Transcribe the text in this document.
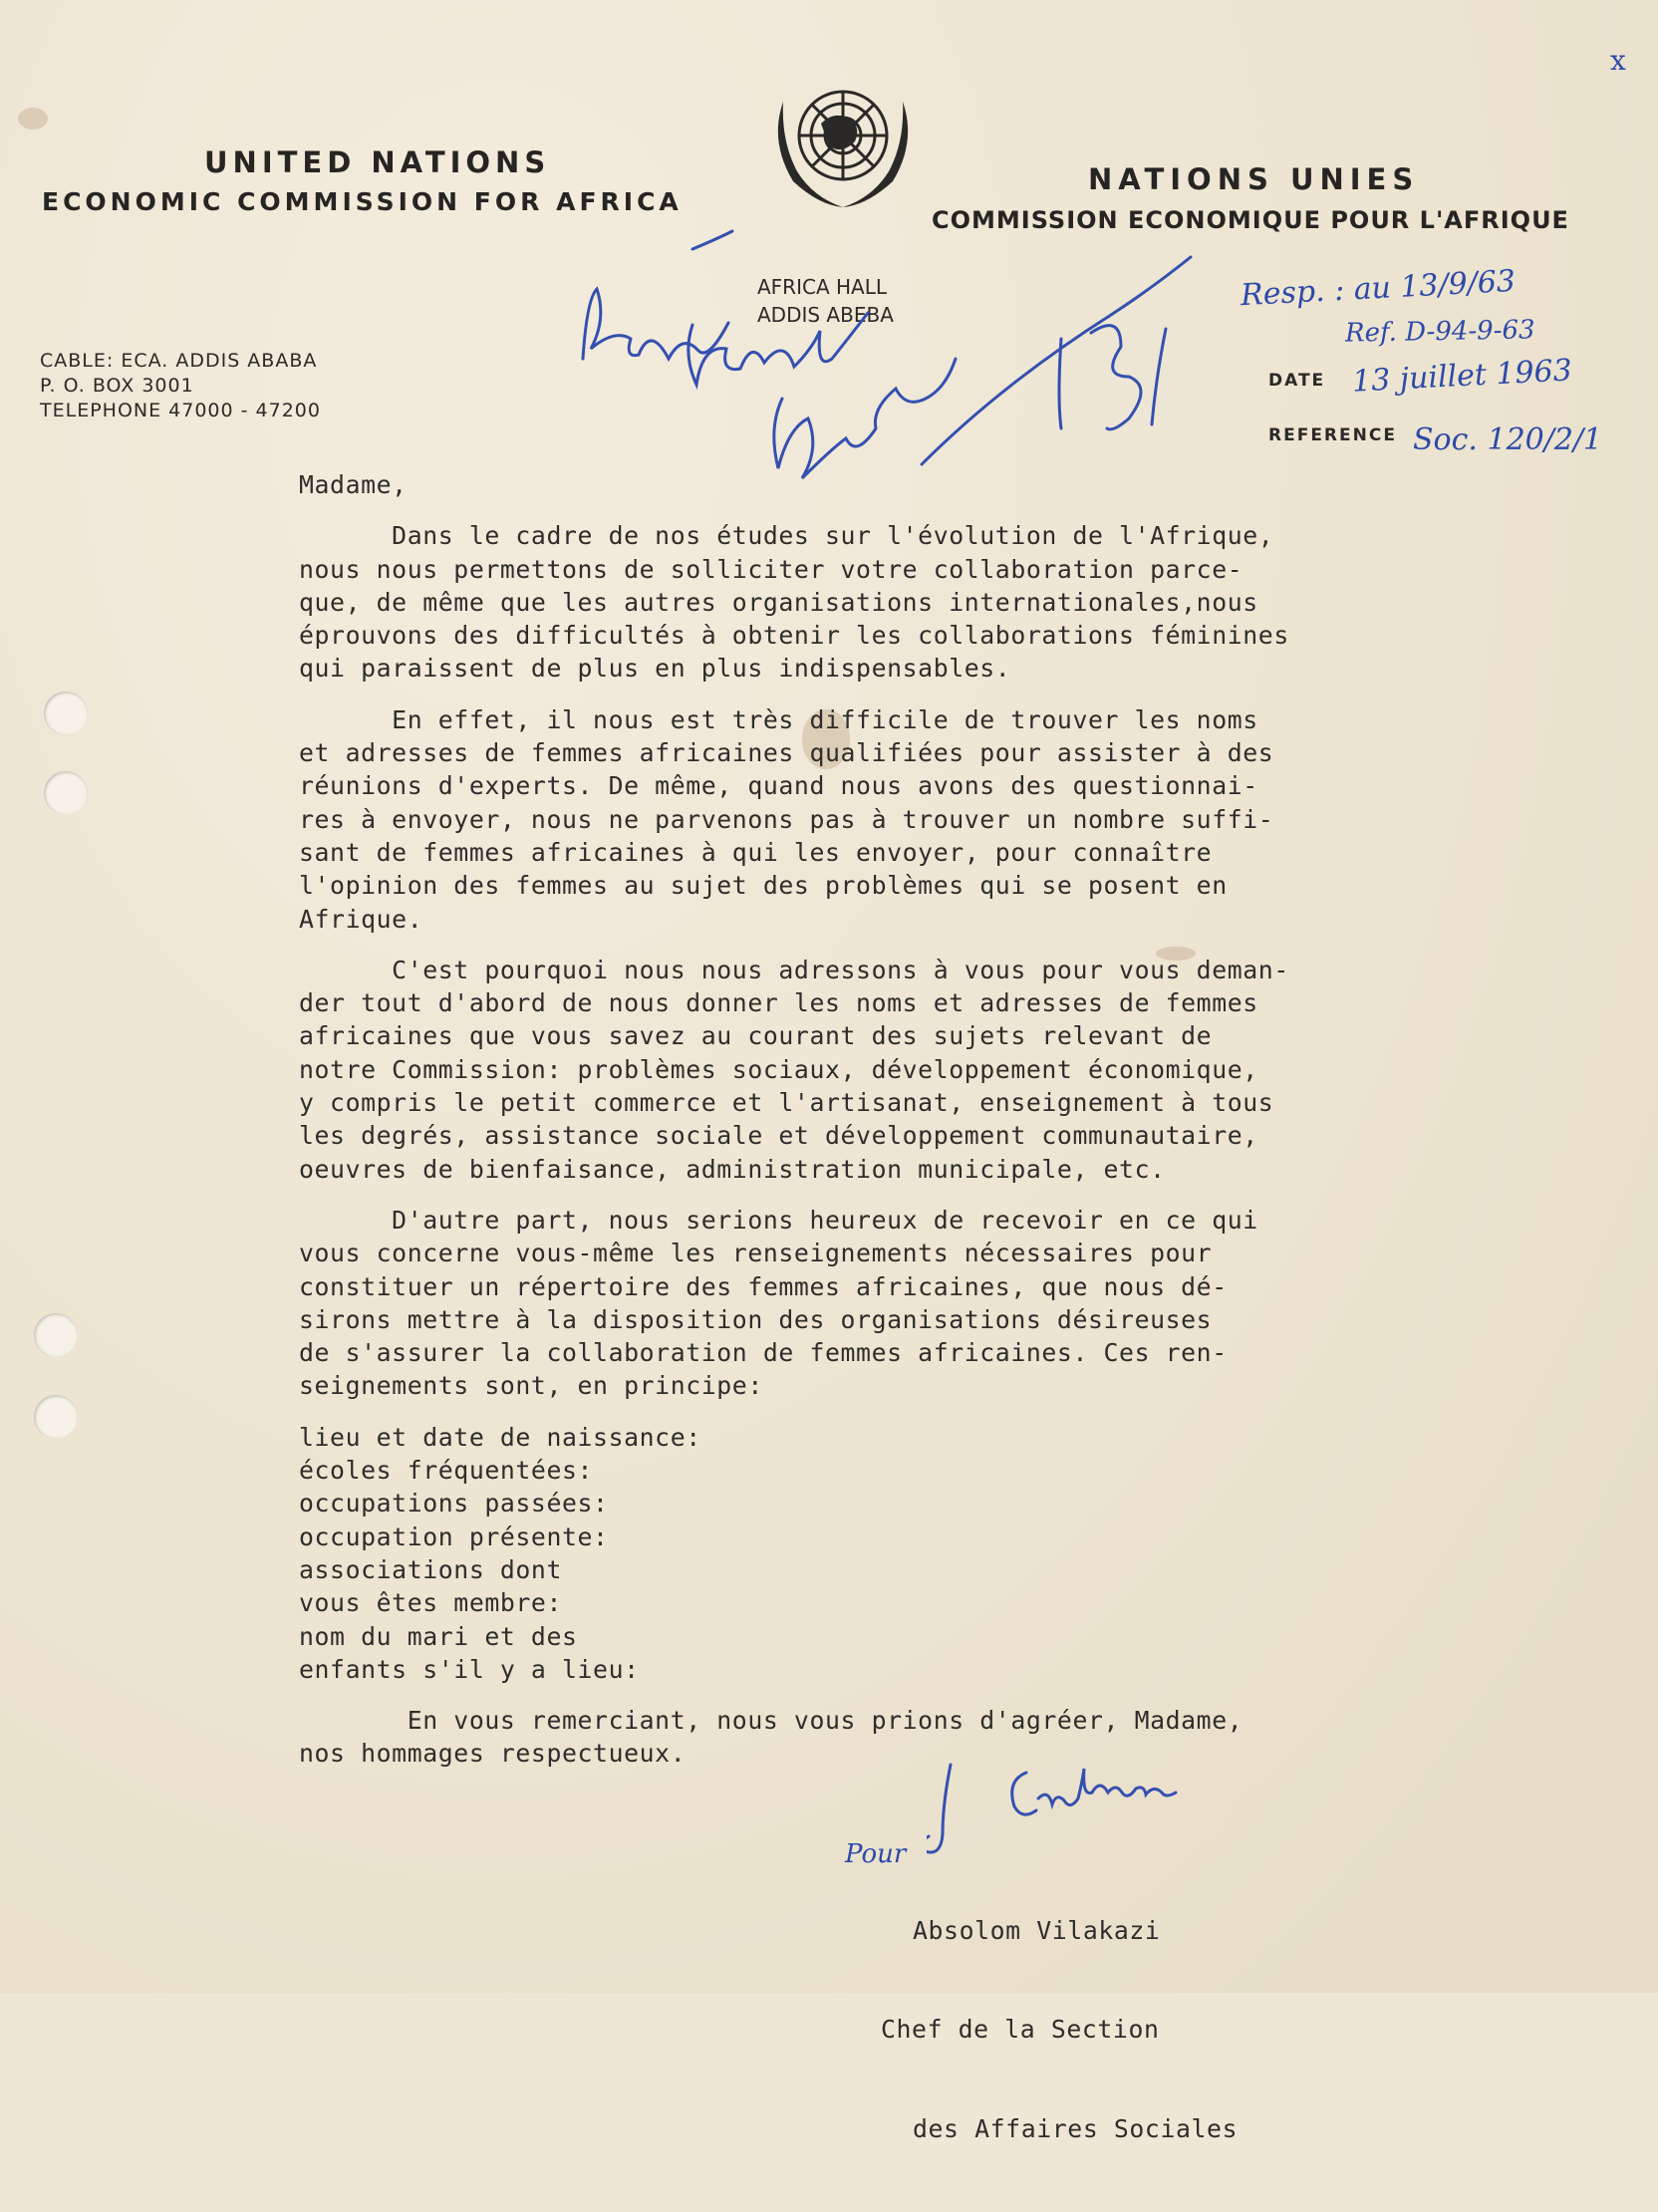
UNITED NATIONS
ECONOMIC COMMISSION FOR AFRICA
NATIONS UNIES
COMMISSION ECONOMIQUE POUR L'AFRIQUE
AFRICA HALL
ADDIS ABEBA
CABLE: ECA. ADDIS ABABA
P. O. BOX 3001
TELEPHONE 47000 - 47200
DATE
REFERENCE
Resp. : au 13/9/63
Ref. D-94-9-63
13 juillet 1963
Soc. 120/2/1
x
Madame,
Dans le cadre de nos études sur l'évolution de l'Afrique,
nous nous permettons de solliciter votre collaboration parce-
que, de même que les autres organisations internationales,nous
éprouvons des difficultés à obtenir les collaborations féminines
qui paraissent de plus en plus indispensables.
En effet, il nous est très difficile de trouver les noms
et adresses de femmes africaines qualifiées pour assister à des
réunions d'experts. De même, quand nous avons des questionnai-
res à envoyer, nous ne parvenons pas à trouver un nombre suffi-
sant de femmes africaines à qui les envoyer, pour connaître
l'opinion des femmes au sujet des problèmes qui se posent en
Afrique.
C'est pourquoi nous nous adressons à vous pour vous deman-
der tout d'abord de nous donner les noms et adresses de femmes
africaines que vous savez au courant des sujets relevant de
notre Commission: problèmes sociaux, développement économique,
y compris le petit commerce et l'artisanat, enseignement à tous
les degrés, assistance sociale et développement communautaire,
oeuvres de bienfaisance, administration municipale, etc.
D'autre part, nous serions heureux de recevoir en ce qui
vous concerne vous-même les renseignements nécessaires pour
constituer un répertoire des femmes africaines, que nous dé-
sirons mettre à la disposition des organisations désireuses
de s'assurer la collaboration de femmes africaines. Ces ren-
seignements sont, en principe:
lieu et date de naissance:
écoles fréquentées:
occupations passées:
occupation présente:
associations dont
vous êtes membre:
nom du mari et des
enfants s'il y a lieu:
En vous remerciant, nous vous prions d'agréer, Madame,
nos hommages respectueux.
Pour

Absolom Vilakazi

Chef de la Section

des Affaires Sociales
